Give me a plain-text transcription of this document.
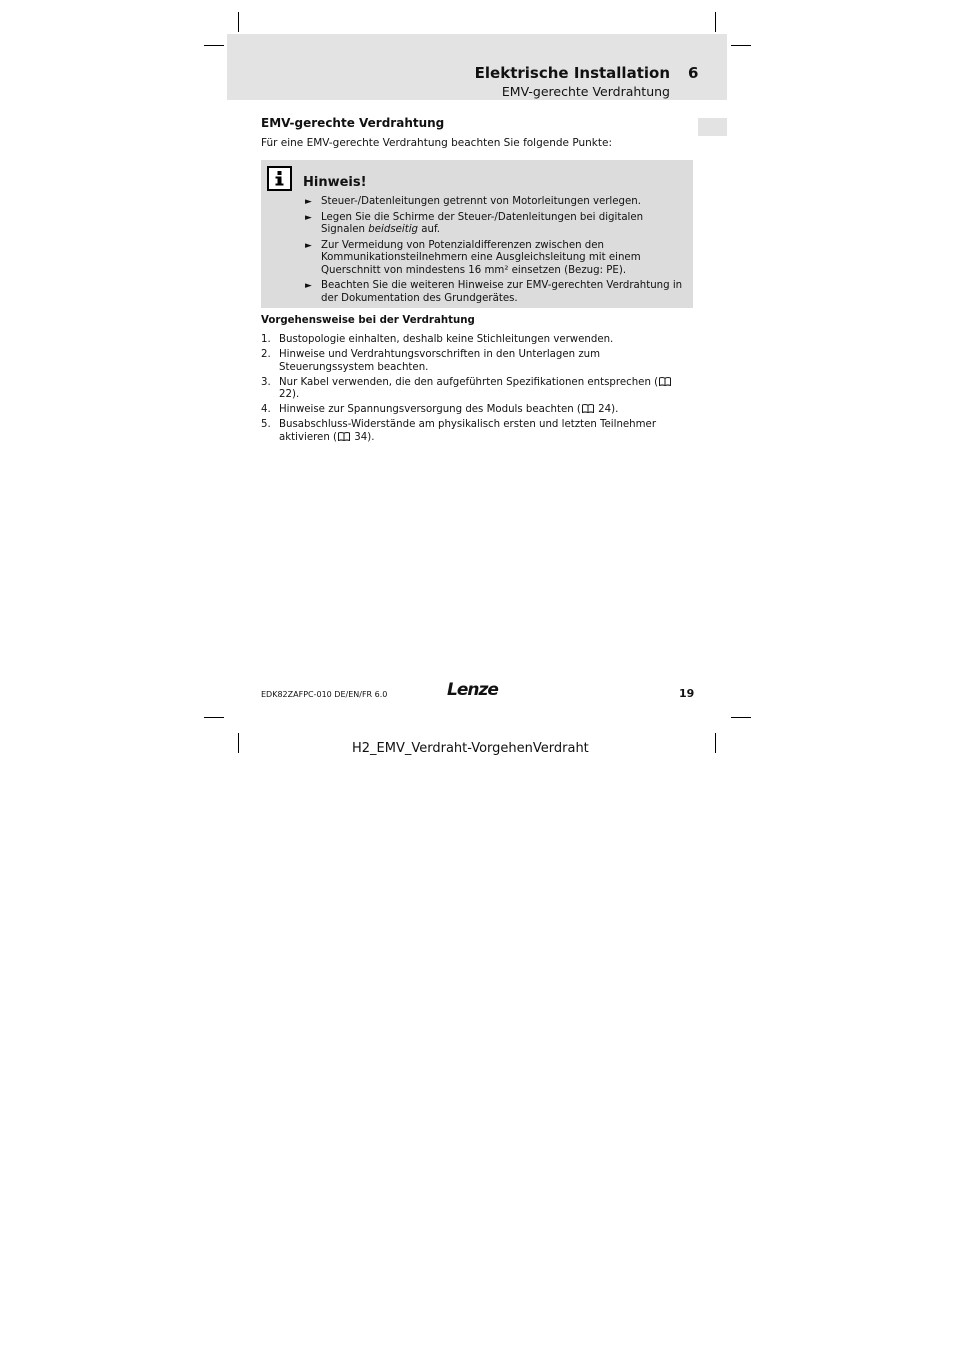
Elektrische Installation 6
EMV-gerechte Verdrahtung
EMV-gerechte Verdrahtung
Für eine EMV-gerechte Verdrahtung beachten Sie folgende Punkte:
Hinweis!
► Steuer-/Datenleitungen getrennt von Motorleitungen verlegen.
► Legen Sie die Schirme der Steuer-/Datenleitungen bei digitalen Signalen beidseitig auf.
► Zur Vermeidung von Potenzialdifferenzen zwischen den Kommunikationsteilnehmern eine Ausgleichsleitung mit einem Querschnitt von mindestens 16 mm² einsetzen (Bezug: PE).
► Beachten Sie die weiteren Hinweise zur EMV-gerechten Verdrahtung in der Dokumentation des Grundgerätes.
Vorgehensweise bei der Verdrahtung
1. Bustopologie einhalten, deshalb keine Stichleitungen verwenden.
2. Hinweise und Verdrahtungsvorschriften in den Unterlagen zum Steuerungssystem beachten.
3. Nur Kabel verwenden, die den aufgeführten Spezifikationen entsprechen ( 22).
4. Hinweise zur Spannungsversorgung des Moduls beachten ( 24).
5. Busabschluss-Widerstände am physikalisch ersten und letzten Teilnehmer aktivieren ( 34).
EDK82ZAFPC-010 DE/EN/FR 6.0	Lenze	19
H2_EMV_Verdraht-VorgehenVerdraht
